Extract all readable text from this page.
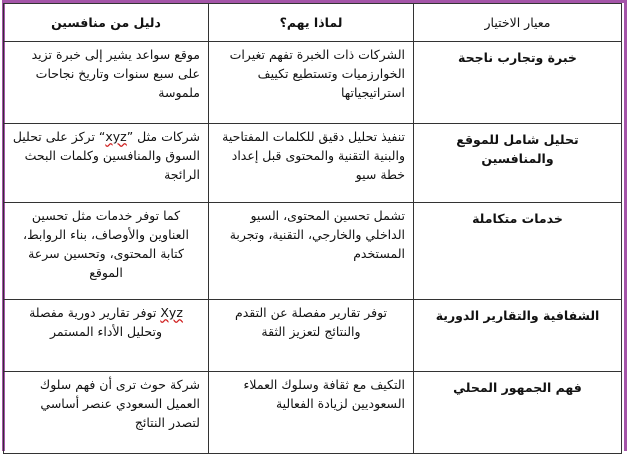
معيار الاختيار	لماذا يهم؟	دليل من منافسين
خبرة وتجارب ناجحة	الشركات ذات الخبرة تفهم تغيرات الخوارزميات وتستطيع تكييف استراتيجياتها	موقع سواعد يشير إلى خبرة تزيد على سبع سنوات وتاريخ نجاحات ملموسة
تحليل شامل للموقع والمنافسين	تنفيذ تحليل دقيق للكلمات المفتاحية والبنية التقنية والمحتوى قبل إعداد خطة سيو	شركات مثل ”xyz“ تركز على تحليل السوق والمنافسين وكلمات البحث الرائجة
خدمات متكاملة	تشمل تحسين المحتوى، السيو الداخلي والخارجي، التقنية، وتجربة المستخدم	كما توفر خدمات مثل تحسين العناوين والأوصاف، بناء الروابط، كتابة المحتوى، وتحسين سرعة الموقع
الشفافية والتقارير الدورية	توفر تقارير مفصلة عن التقدم والنتائج لتعزيز الثقة	Xyz توفر تقارير دورية مفصلة وتحليل الأداء المستمر
فهم الجمهور المحلي	التكيف مع ثقافة وسلوك العملاء السعوديين لزيادة الفعالية	شركة حوث ترى أن فهم سلوك العميل السعودي عنصر أساسي لتصدر النتائج
